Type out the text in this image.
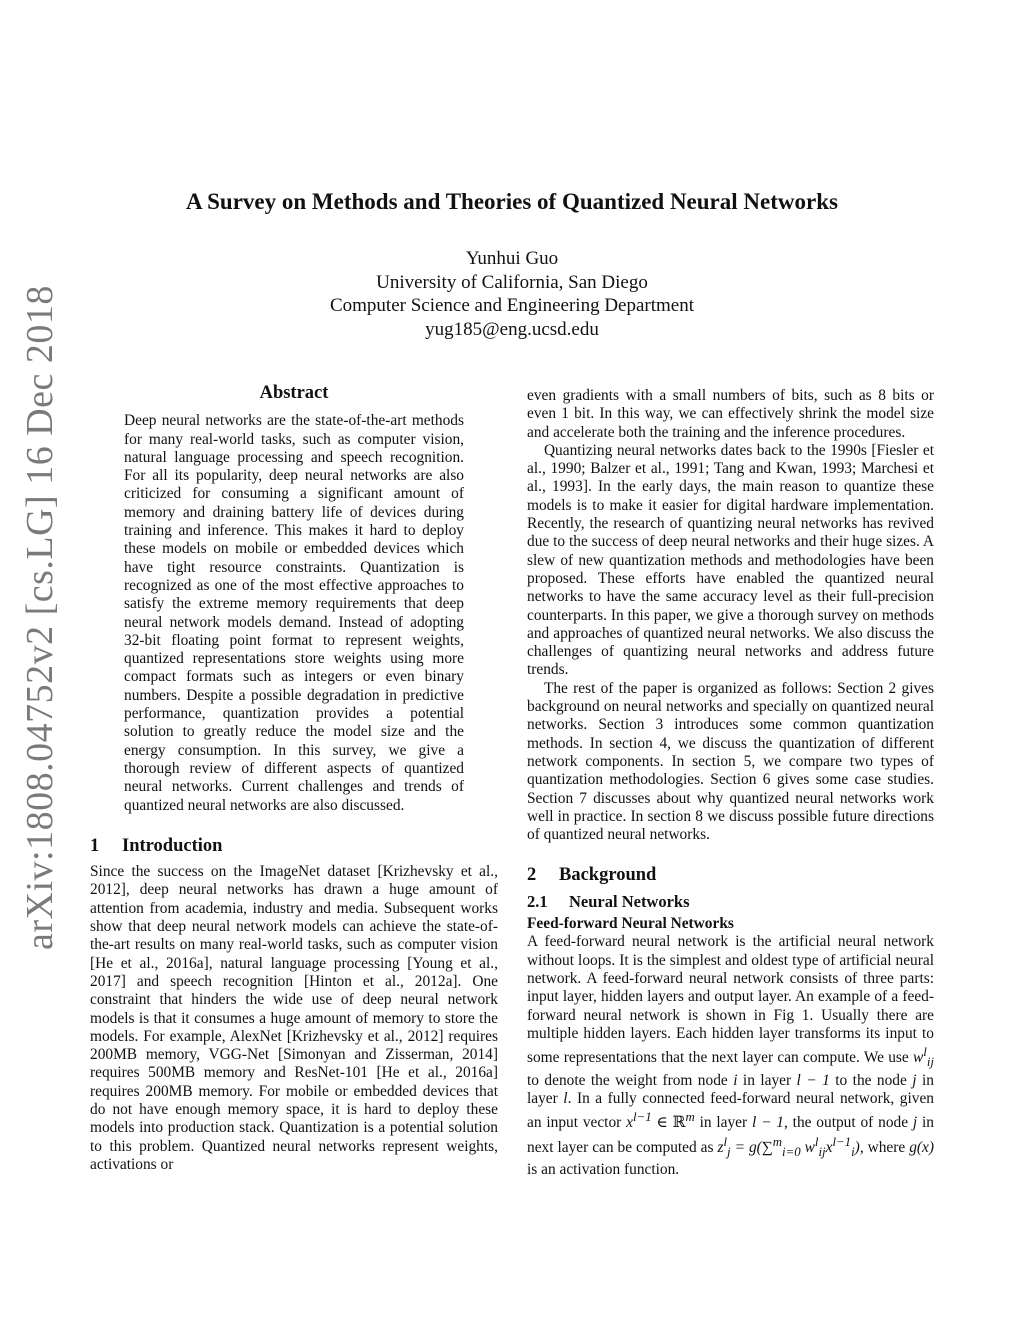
arXiv:1808.04752v2 [cs.LG] 16 Dec 2018
A Survey on Methods and Theories of Quantized Neural Networks
Yunhui Guo
University of California, San Diego
Computer Science and Engineering Department
yug185@eng.ucsd.edu
Abstract

Deep neural networks are the state-of-the-art methods for many real-world tasks, such as computer vision, natural language processing and speech recognition. For all its popularity, deep neural networks are also criticized for consuming a significant amount of memory and draining battery life of devices during training and inference. This makes it hard to deploy these models on mobile or embedded devices which have tight resource constraints. Quantization is recognized as one of the most effective approaches to satisfy the extreme memory requirements that deep neural network models demand. Instead of adopting 32-bit floating point format to represent weights, quantized representations store weights using more compact formats such as integers or even binary numbers. Despite a possible degradation in predictive performance, quantization provides a potential solution to greatly reduce the model size and the energy consumption. In this survey, we give a thorough review of different aspects of quantized neural networks. Current challenges and trends of quantized neural networks are also discussed.

1 Introduction

Since the success on the ImageNet dataset [Krizhevsky et al., 2012], deep neural networks has drawn a huge amount of attention from academia, industry and media. Subsequent works show that deep neural network models can achieve the state-of-the-art results on many real-world tasks, such as computer vision [He et al., 2016a], natural language processing [Young et al., 2017] and speech recognition [Hinton et al., 2012a]. One constraint that hinders the wide use of deep neural network models is that it consumes a huge amount of memory to store the models. For example, AlexNet [Krizhevsky et al., 2012] requires 200MB memory, VGG-Net [Simonyan and Zisserman, 2014] requires 500MB memory and ResNet-101 [He et al., 2016a] requires 200MB memory. For mobile or embedded devices that do not have enough memory space, it is hard to deploy these models into production stack. Quantization is a potential solution to this problem. Quantized neural networks represent weights, activations or

even gradients with a small numbers of bits, such as 8 bits or even 1 bit. In this way, we can effectively shrink the model size and accelerate both the training and the inference procedures.

Quantizing neural networks dates back to the 1990s [Fiesler et al., 1990; Balzer et al., 1991; Tang and Kwan, 1993; Marchesi et al., 1993]. In the early days, the main reason to quantize these models is to make it easier for digital hardware implementation. Recently, the research of quantizing neural networks has revived due to the success of deep neural networks and their huge sizes. A slew of new quantization methods and methodologies have been proposed. These efforts have enabled the quantized neural networks to have the same accuracy level as their full-precision counterparts. In this paper, we give a thorough survey on methods and approaches of quantized neural networks. We also discuss the challenges of quantizing neural networks and address future trends.

The rest of the paper is organized as follows: Section 2 gives background on neural networks and specially on quantized neural networks. Section 3 introduces some common quantization methods. In section 4, we discuss the quantization of different network components. In section 5, we compare two types of quantization methodologies. Section 6 gives some case studies. Section 7 discusses about why quantized neural networks work well in practice. In section 8 we discuss possible future directions of quantized neural networks.

2 Background
2.1 Neural Networks
Feed-forward Neural Networks

A feed-forward neural network is the artificial neural network without loops. It is the simplest and oldest type of artificial neural network. A feed-forward neural network consists of three parts: input layer, hidden layers and output layer. An example of a feed-forward neural network is shown in Fig 1. Usually there are multiple hidden layers. Each hidden layer transforms its input to some representations that the next layer can compute. We use $w^l_{ij}$ to denote the weight from node i in layer l − 1 to the node j in layer l. In a fully connected feed-forward neural network, given an input vector $x^{l-1}$ ∈ ℝ$^m$ in layer l − 1, the output of node j in next layer can be computed as $z^l_j = g(\sum^m_{i=0}$ $w^l_{ij}x^{l-1}_i$), where g(x) is an activation function.
